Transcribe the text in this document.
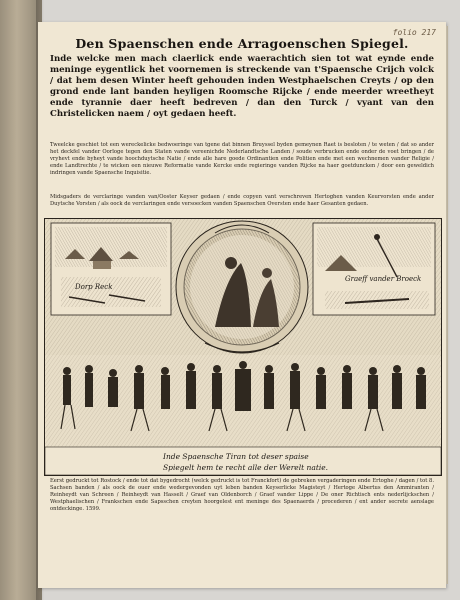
folio 217
Den Spaenschen ende Arragoenschen Spiegel.
Inde welcke men mach claerlick ende waerachtich sien tot wat eynde ende meninge eygentlick het voornemen is streckende van t'Spaensche Crijch volck / dat hem desen Winter heeft gehouden inden Westphaelschen Creyts / op den grond ende lant banden heyligen Roomsche Rijcke / ende meerder wreetheyt ende tyrannie daer heeft bedreven / dan den Turck / vyant van den Christelicken naem / oyt gedaen heeft.
Tweelcke geschiet tot een wereckelicke bedwoeringe van tgene dat binnen Bruyssel byden gemeynen Raet is besloten / te weten / dat so ander het deckfel vander Oorloge tegen den Staten vande vereenichde Nederlandtsche Landen / soude verbrucken ende onder de voet bringen / de vryhevt ende byheyt vande hoochduytsche Natie / ende alle hare goede Ordinantien ende Politien ende met een wechnemen vander Religie / ende Landtrechte / te wicken een nieuwe Reformatie vande Kercke ende regieringe vanden Rijcke na haer goetduncken / door een geweldich indringen vande Spaensche Inquisitie.
Midsgaders de verclaringe vanden van/Ooster Keyser gedaen / ende copyen vant verschreven Hertoghen vanden Keurvorsten ende ander Duytsche Vorsten / als oock de verclaringen ende versoecken vanden Spaenschen Oversten ende haer Gesanten gedaen.
Dorp Reck
Graeff vander Broeck
Inde Spaensche Tiran tot deser spaise
Spiegelt hem te recht alle der Werelt natie.
Eerst gedruckt tot Rostock / ende tot dat bygedrocht (welck gedruckt is tot Franckfort) de gebreken vergaderingen ende Ertoghe / dagen / tot 8. Sachsen banden / als oock de ouer ende wedergevonden uyt leben banden Keyserlicke Magisteyt / Hertoge Albertus den Ammiranten / Reinheydt van Schreen / Reinheydt van Hasselt / Graef van Oldenborch / Graef vander Lippe / De oner Richtisch ents nederlijckschen / Westphaelischen / Frankschen ende Sapsschen creyten hoorgelest ent meninge des Spaenaerds / procederen / ent ander secrete aenslage ontdeckinge. 1599.
